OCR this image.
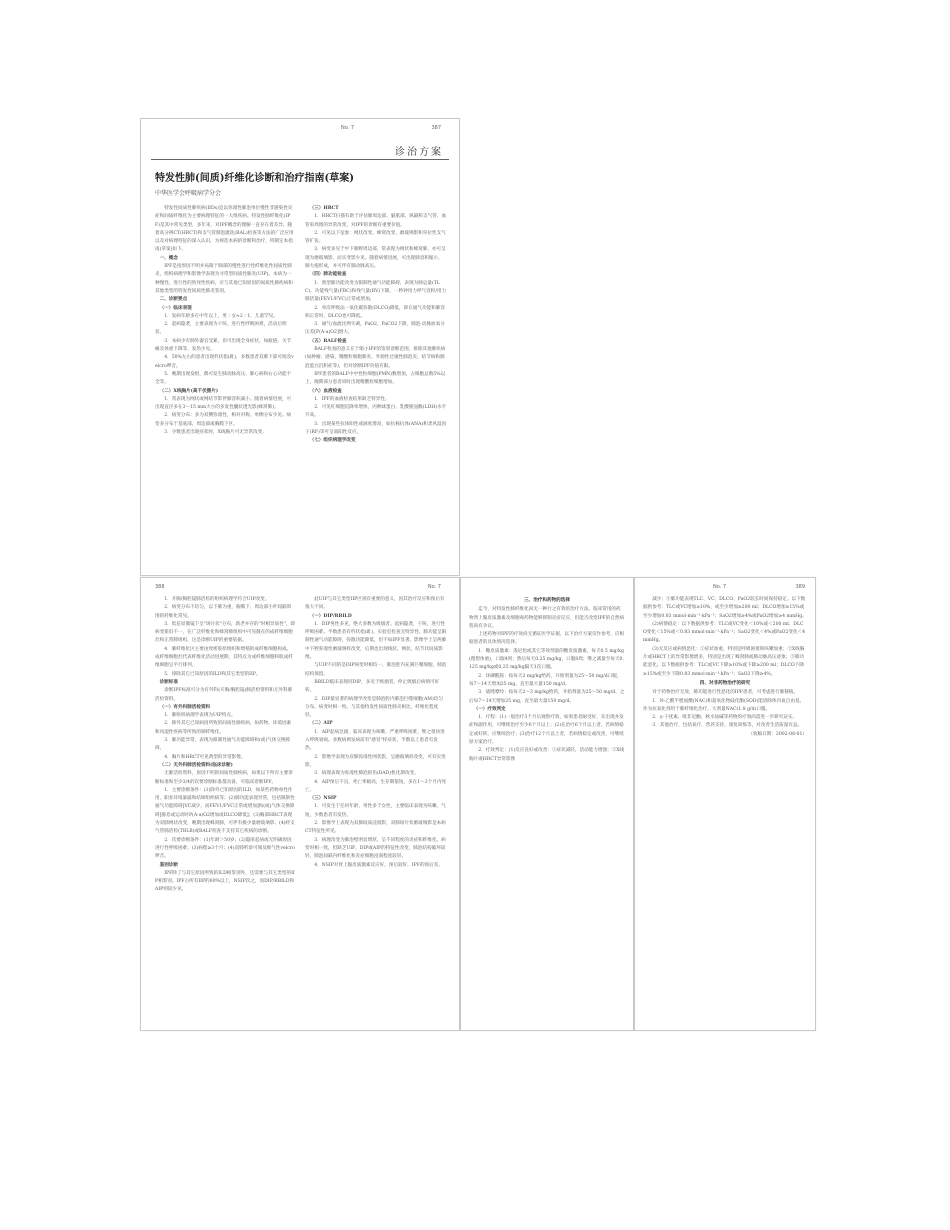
No. 7	387
诊治方案
特发性肺(间质)纤维化诊断和治疗指南(草案)
中华医学会呼吸病学分会

特发性间质性肺疾病(IIDs)是以弥漫性肺泡单位慢性非感染性炎症和间质纤维化为主要病理特征的一大组疾病。特发性肺纤维化(IPF)是其中常见类型，多年来，对IPF概念的理解一直存在着差异。随着高分辨CT(HRCT)和支气管肺泡灌洗(BAL)检查等方法的广泛应用以及对病理特征的深入认识，为规范本病的诊断和治疗，特制定本指南(草案)如下。

一、概念

IPF是指原因不明并局限于肺部的慢性进行性纤维化性间质性肺炎，组织病理学和影像学表现为寻常型间质性肺炎(UIP)。本病为一种慢性、进行性的致死性疾病，应与其他已知原因的间质性肺疾病和其他类型的特发性间质性肺炎鉴别。

二、诊断要点

（一）临床表现

1．发病年龄多在中年以上，男∶女≈2∶1，儿童罕见。

2．起病隐袭，主要表现为干咳、进行性呼吸困难，活动后明显。

3．本病少有肺外器官受累，但可出现全身症状，如疲倦、关节痛及体重下降等，发热少见。

4．50%左右的患者出现杵状指(趾)，多数患者双肺下部可闻及velcro啰音。

5．晚期出现发绀，偶可发生肺动脉高压、肺心病和右心功能不全等。

（二）X线胸片(高千伏摄片)

1．常表现为网状或网结节影伴肺容积减小。随着病情进展，可出现直径多在3～15 mm大小的多发性囊状透光影(蜂窝肺)。

2．病变分布：多为双侧弥漫性，相对对称，单侧分布少见。病变多分布于基底部、周边部或胸膜下区。

3．少数患者出现症状时，X线胸片可无异常改变。

（三）HRCT

1．HRCT扫描有助于评估肺周边部、膈肌部、纵隔和支气管、血管束周围的异常改变，对IPF的诊断有重要价值。

2．可见以下征象：网状改变、蜂窝改变、磨玻璃影和牵拉性支气管扩张。

3．病变多见于中下肺野周边部，常表现为网状和蜂窝肺，亦可呈现为磨玻璃影，而实变影少见。随着病情进展，可出现肺容积缩小，肺大疱形成，并可伴有肺动脉高压。

（四）肺功能检查

1．典型肺功能改变为限制性通气功能障碍，表现为肺总量(TLC)、功能残气量(FRC)和残气量(RV)下降。一秒钟用力呼气容积/用力肺活量(FEV1/FVC)正常或增加。

2．单次呼吸法一氧化碳弥散(DLCO)降低，即在通气功能和肺容积正常时，DLCO也可降低。

3．通气/血流比例失调，PaO2、PaCO2下降，肺泡-动脉血氧分压差[P(A-a)O2]增大。

（五）BALF检查

BALF检查的意义在于缩小IPF的鉴别诊断范围，排除其他肺疾病(如肿瘤、感染、嗜酸粒细胞肺炎、外源性过敏性肺泡炎、结节病和肺泡蛋白沉积症等)，但对诊断IPF价值有限。

IPF患者的BALF中中性粒细胞(PMN)数增加，占细胞总数5%以上，晚期部分患者同时出现嗜酸粒细胞增加。

（六）血液检查

1．IPF的血液检查结果缺乏特异性。

2．可见红细胞沉降率增快，丙种球蛋白、乳酸脱氢酶(LDH)水平升高。

3．出现某些抗体阳性或滴度增高，如抗核抗体(ANA)和类风湿因子(RF)等可呈弱阳性反应。

（七）组织病理学改变

388	No. 7

1．开胸/胸腔镜肺活检的组织病理学符合UIP改变。

2．病变分布不均匀，以下肺为重，胸膜下、周边部小叶间隔周围的纤维化常见。

3．低倍显微镜下呈"斑片状"分布，新老并存的"时相异质性"，即病变新旧不一，在广泛纤维化和蜂窝肺组织中可见散在的成纤维细胞灶和正常肺组织，这是诊断UIP的重要依据。

4．肺纤维化区主要由致密胶原组织和增殖的成纤维细胞构成。成纤维细胞灶代表纤维化活动进展期，其特点为成纤维细胞和肌成纤维细胞呈平行排列。

5．排除其它已知原因的ILD和其它类型的IIP。

诊断标准

诊断IPF标准可分为有外科(开胸/胸腔镜)肺活检资料和无外科肺活检资料。

（一）有外科肺活检资料

1．肺组织病理学表现为UIP特点。

2．除外其它已知病因所致的间质性肺疾病，如药物、环境因素和风湿性疾病等所致的肺纤维化。

3．肺功能异常，表现为限制性通气功能障碍和(或)气体交换障碍。

4．胸片和HRCT可见典型的异常影像。

（二）无外科肺活检资料(临床诊断)

无肺活检资料，原因不明的间质性肺疾病，如果以下所有主要诊断标准和至少3/4的次要诊断标准都具备，可临床诊断IPF。

1．主要诊断条件：(1)除外已知原因的ILD，如某些药物毒性作用、职业环境暴露和结缔组织病等；(2)肺功能表现异常，包括限制性通气功能障碍[VC减少，而FEV1/FVC正常或增加]和(或)气体交换障碍[静息或运动时P(A-a)O2增加或DLCO降低]；(3)胸部HRCT表现为双肺网状改变，晚期出现蜂窝肺，可伴有极少量磨玻璃影；(4)经支气管肺活检(TBLB)或BALF检查不支持其它疾病的诊断。

2．次要诊断条件：(1)年龄＞50岁；(2)隐匿起病或无明确原因进行性呼吸困难；(3)病程≥3个月；(4)双肺听诊可闻及吸气性velcro啰音。

鉴别诊断

IPF除了与其它原因所致的ILD相鉴别外，还需要与其它类型的IIP相鉴别。IPF占所有IIP的60%以上，NSIP次之，而DIP/RBILD和AIP则较少见。

此UIP与其它类型IIP区别有重要的意义，因其治疗反应和预后有很大不同。

（一）DIP/RBILD

1．DIP男性多见，绝大多数为吸烟者。起病隐袭，干咳，进行性呼吸困难。半数患者有杵状指(趾)。实验室检查无特异性。肺功能呈限制性通气功能障碍，弥散功能降低，但不如IPF显著。影像学上呈两肺中下野弥漫性磨玻璃样改变，后期也出现线状、网状、结节状间质影像。

与UIP不同的是DIP病变时相均一，肺泡腔内充满巨噬细胞，肺泡结构保留。

RBILD临床表现同DIP，多见于吸烟者，停止吸烟后病情可好转。

2．DIP最显著的病理学改变是肺泡腔内肺泡巨噬细胞(AM)均匀分布，病变时相一致。与其他特发性间质性肺炎相比，纤维化程度轻。

（二）AIP

1．AIP起病急剧，临床表现为咳嗽、严重呼吸困难，继之很快进入呼吸衰竭。多数病例发病前有"感冒"样症状，半数以上患者有发热。

2．影像学表现为双肺弥漫性网状影，呈磨玻璃样改变，可有实变影。

3．病理表现为弥漫性肺泡损伤(DAD)机化期改变。

4．AIP预后不良，死亡率极高，生存期很短，多在1～2个月内死亡。

（三）NSIP

1．可发生于任何年龄，男性多于女性，主要临床表现为咳嗽、气短，少数患者有发热。

2．影像学上表现为双肺间质浸润影，双肺斑片状磨玻璃影是本病CT特征性所见。

3．病理改变为肺泡壁明显增厚，呈不同程度的炎症和纤维化。病变时相一致，但缺乏UIP、DIP或AIP的特征性改变，肺泡结构破坏较轻，肺泡间隔内纤维化和炎症细胞浸润程度较轻。

4．NSIP对肾上腺皮质激素反应好，预后较好，IPF的预后差。

三、治疗和药物的选择

迄今，对特发性肺纤维化尚无一种行之有效的治疗方法。临床常用的药物肾上腺皮质激素及细胞毒药物能够抑制炎症反应，但能否改变IPF的自然病程尚有争议。

上述药物对IPF的疗效尚无循证医学证据，以下治疗方案仅作参考，应根据患者的具体情况选择。

1．糖皮质激素：泼尼松或其它等效剂量的糖皮质激素，每天0.5 mg/kg(理想体重)，口服4周；然后每天0.25 mg/kg，口服8周；继之减量至每天0.125 mg/kg或0.25 mg/kg隔天1次口服。

2．环磷酰胺：按每天2 mg/kg给药，开始剂量为25～50 mg/d口服，每7～14天增加25 mg，直至最大量150 mg/d。

3．硫唑嘌呤：按每天2～3 mg/kg给药，开始剂量为25～50 mg/d，之后每7～14天增加25 mg，直至最大量150 mg/d。

（一）疗效判定

1．疗程：(1)一般治疗3个月后观察疗效，如果患者耐受好，未出现并发症和副作用，可继续治疗至少6个月以上；(2)在治疗6个月以上者，若病情稳定或好转，应继续治疗；(3)治疗12个月以上者，若病情稳定或改善，可继续原方案治疗。

2．疗效判定：(1)反应良好或改善：①症状减轻，活动能力增强；②X线胸片或HRCT异常影像

No. 7	389

减少；③肺功能表现TLC、VC、DLCO、PaO2较长时间保持稳定。以下数据供参考：TLC或VC增加≥10%，或至少增加≥200 ml；DLCO增加≥15%或至少增加0.83 mmol·min⁻¹·kPa⁻¹；SaO2增加≥4%或PaO2增加≥4 mmHg。

(2)病情稳定：以下数据供参考：TLC或VC变化＜10%或＜200 ml；DLCO变化＜15%或＜0.83 mmol·min⁻¹·kPa⁻¹；SaO2变化＜4%或PaO2变化＜4 mmHg。

(3)无反应或病情恶化：①症状加重，特别是呼吸困难和咳嗽加重；②X线胸片或HRCT上的异常影像增多，特别是出现了蜂窝肺或肺动脉高压迹象；③肺功能恶化。以下数据供参考：TLC或VC下降≥10%或下降≥200 ml；DLCO下降≥15%或至少下降0.83 mmol·min⁻¹·kPa⁻¹；SaO2下降≥4%。

四、对非药物治疗的研究

对于药物治疗无效、肺功能进行性恶化的IPF患者，可考虑进行肺移植。

1．N-乙酰半胱氨酸(NAC)和超氧化物歧化酶(SOD)能清除体内氧自由基，作为抗氧化剂用于肺纤维化治疗。大剂量NAC(1.8 g/d)口服。

2．γ-干扰素、吡非尼酮、秋水仙碱等药物的疗效尚需进一步研究证实。

3．其他治疗，包括氧疗、营养支持、康复训练等，对改善生活质量有益。

（收稿日期：2002-08-01）
